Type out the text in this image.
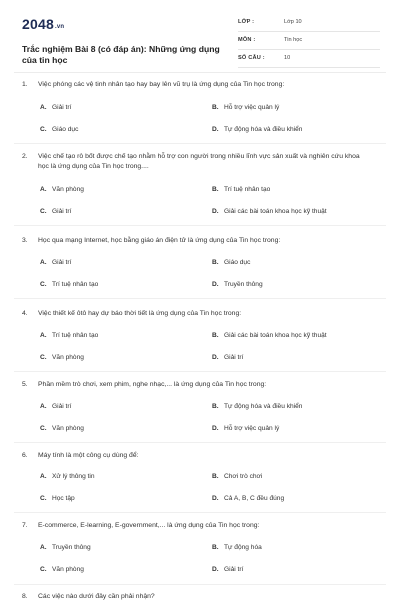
2048.vn
Trắc nghiệm Bài 8 (có đáp án): Những ứng dụng của tin học
LỚP :	Lớp 10
MÔN :	Tin học
SỐ CÂU :	10
1. Việc phóng các vệ tinh nhân tạo hay bay lên vũ trụ là ứng dụng của Tin học trong:
A. Giải trí	B. Hỗ trợ việc quản lý
C. Giáo dục	D. Tự động hóa và điều khiển
2. Việc chế tạo rô bốt được chế tạo nhằm hỗ trợ con người trong nhiều lĩnh vực sản xuất và nghiên cứu khoa học là ứng dụng của Tin học trong....
A. Văn phòng	B. Trí tuệ nhân tạo
C. Giải trí	D. Giải các bài toán khoa học kỹ thuật
3. Học qua mạng Internet, học bằng giáo án điện tử là ứng dụng của Tin học trong:
A. Giải trí	B. Giáo dục
C. Trí tuệ nhân tạo	D. Truyền thông
4. Việc thiết kế ôtô hay dự báo thời tiết là ứng dụng của Tin học trong:
A. Trí tuệ nhân tạo	B. Giải các bài toán khoa học kỹ thuật
C. Văn phòng	D. Giải trí
5. Phần mềm trò chơi, xem phim, nghe nhạc,... là ứng dụng của Tin học trong:
A. Giải trí	B. Tự động hóa và điều khiển
C. Văn phòng	D. Hỗ trợ việc quản lý
6. Máy tính là một công cụ dùng để:
A. Xử lý thông tin	B. Chơi trò chơi
C. Học tập	D. Cả A, B, C đều đúng
7. E-commerce, E-learning, E-government,... là ứng dụng của Tin học trong:
A. Truyền thông	B. Tự động hóa
C. Văn phòng	D. Giải trí
8. Các việc nào dưới đây cần phải nhận?
